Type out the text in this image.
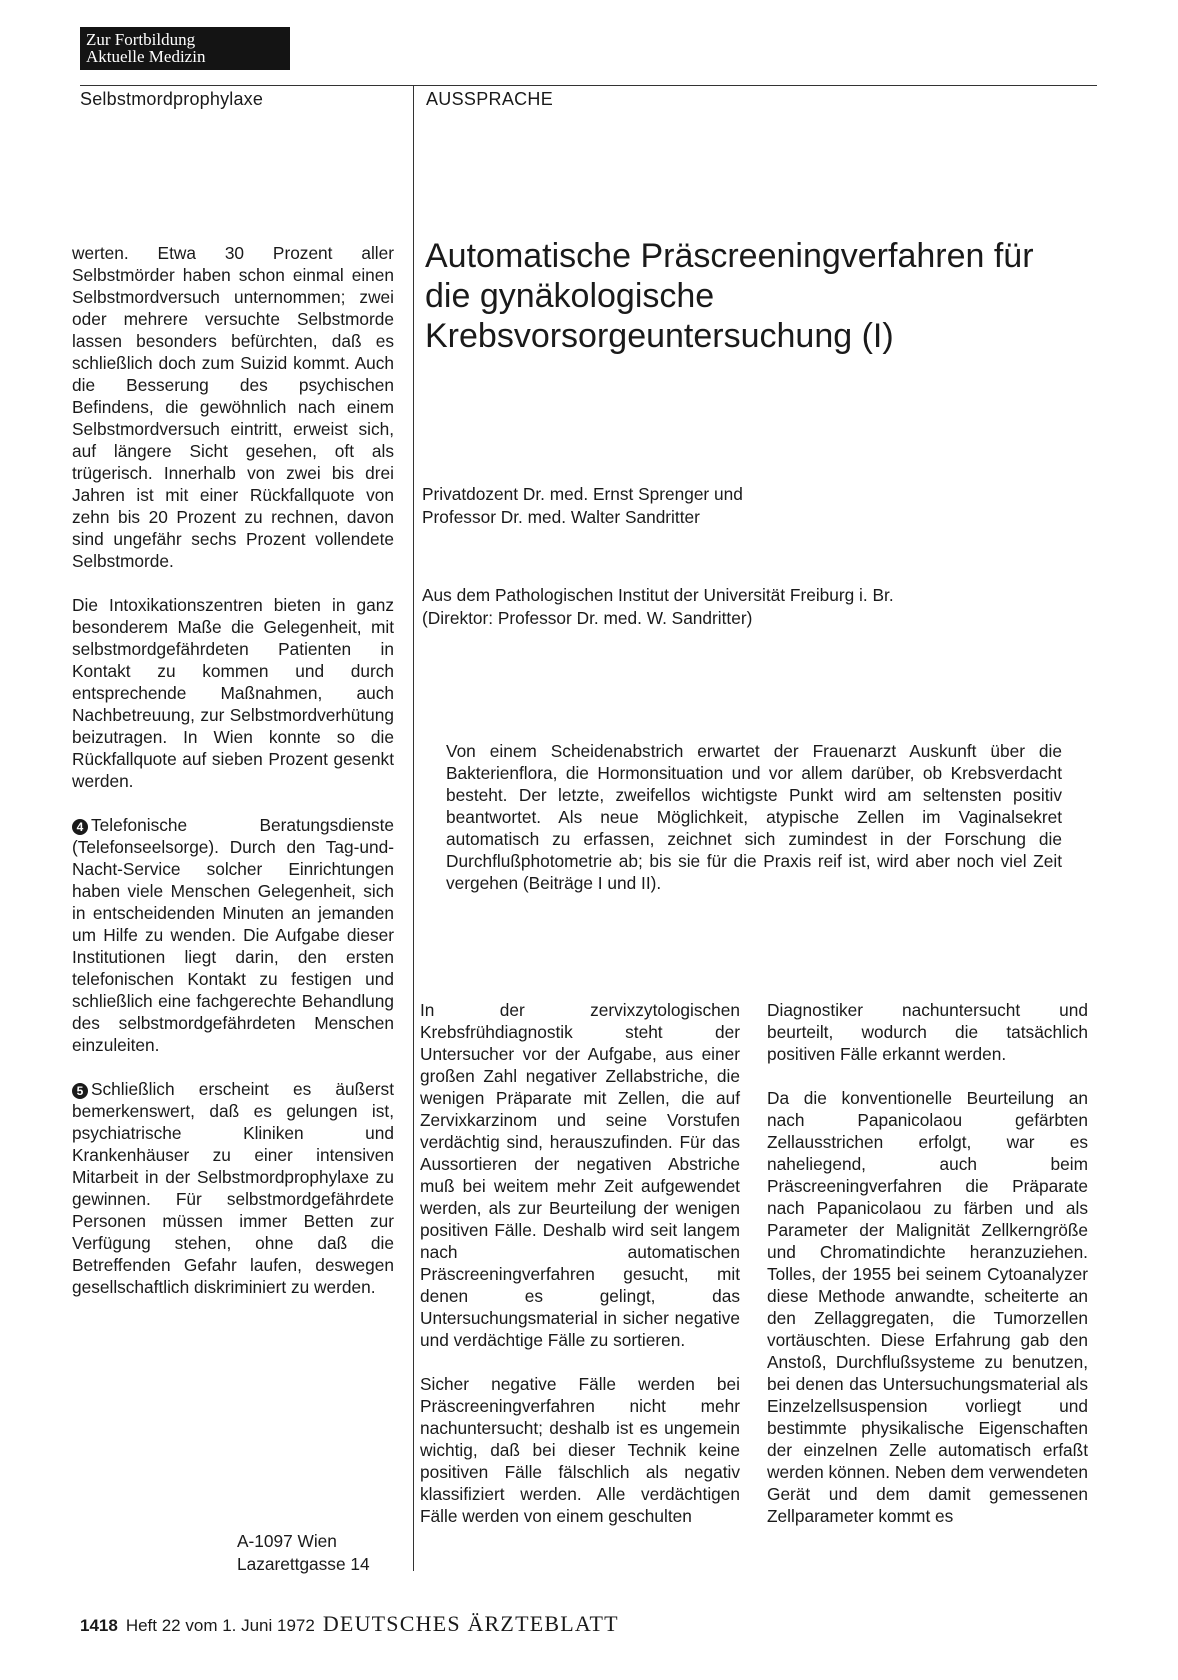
Zur Fortbildung
Aktuelle Medizin
Selbstmordprophylaxe	AUSSPRACHE

werten. Etwa 30 Prozent aller Selbstmörder haben schon einmal einen Selbstmordversuch unternommen; zwei oder mehrere versuchte Selbstmorde lassen besonders befürchten, daß es schließlich doch zum Suizid kommt. Auch die Besserung des psychischen Befindens, die gewöhnlich nach einem Selbstmordversuch eintritt, erweist sich, auf längere Sicht gesehen, oft als trügerisch. Innerhalb von zwei bis drei Jahren ist mit einer Rückfallquote von zehn bis 20 Prozent zu rechnen, davon sind ungefähr sechs Prozent vollendete Selbstmorde.

Die Intoxikationszentren bieten in ganz besonderem Maße die Gelegenheit, mit selbstmordgefährdeten Patienten in Kontakt zu kommen und durch entsprechende Maßnahmen, auch Nachbetreuung, zur Selbstmordverhütung beizutragen. In Wien konnte so die Rückfallquote auf sieben Prozent gesenkt werden.

4 Telefonische Beratungsdienste (Telefonseelsorge). Durch den Tag-und-Nacht-Service solcher Einrichtungen haben viele Menschen Gelegenheit, sich in entscheidenden Minuten an jemanden um Hilfe zu wenden. Die Aufgabe dieser Institutionen liegt darin, den ersten telefonischen Kontakt zu festigen und schließlich eine fachgerechte Behandlung des selbstmordgefährdeten Menschen einzuleiten.

5 Schließlich erscheint es äußerst bemerkenswert, daß es gelungen ist, psychiatrische Kliniken und Krankenhäuser zu einer intensiven Mitarbeit in der Selbstmordprophylaxe zu gewinnen. Für selbstmordgefährdete Personen müssen immer Betten zur Verfügung stehen, ohne daß die Betreffenden Gefahr laufen, deswegen gesellschaftlich diskriminiert zu werden.

A-1097 Wien
Lazarettgasse 14
Automatische Präscreeningverfahren für die gynäkologische Krebsvorsorgeuntersuchung (I)
Privatdozent Dr. med. Ernst Sprenger und
Professor Dr. med. Walter Sandritter
Aus dem Pathologischen Institut der Universität Freiburg i. Br.
(Direktor: Professor Dr. med. W. Sandritter)
Von einem Scheidenabstrich erwartet der Frauenarzt Auskunft über die Bakterienflora, die Hormonsituation und vor allem darüber, ob Krebsverdacht besteht. Der letzte, zweifellos wichtigste Punkt wird am seltensten positiv beantwortet. Als neue Möglichkeit, atypische Zellen im Vaginalsekret automatisch zu erfassen, zeichnet sich zumindest in der Forschung die Durchflußphotometrie ab; bis sie für die Praxis reif ist, wird aber noch viel Zeit vergehen (Beiträge I und II).

In der zervixzytologischen Krebsfrühdiagnostik steht der Untersucher vor der Aufgabe, aus einer großen Zahl negativer Zellabstriche, die wenigen Präparate mit Zellen, die auf Zervixkarzinom und seine Vorstufen verdächtig sind, herauszufinden. Für das Aussortieren der negativen Abstriche muß bei weitem mehr Zeit aufgewendet werden, als zur Beurteilung der wenigen positiven Fälle. Deshalb wird seit langem nach automatischen Präscreeningverfahren gesucht, mit denen es gelingt, das Untersuchungsmaterial in sicher negative und verdächtige Fälle zu sortieren.

Sicher negative Fälle werden bei Präscreeningverfahren nicht mehr nachuntersucht; deshalb ist es ungemein wichtig, daß bei dieser Technik keine positiven Fälle fälschlich als negativ klassifiziert werden. Alle verdächtigen Fälle werden von einem geschulten

Diagnostiker nachuntersucht und beurteilt, wodurch die tatsächlich positiven Fälle erkannt werden.

Da die konventionelle Beurteilung an nach Papanicolaou gefärbten Zellausstrichen erfolgt, war es naheliegend, auch beim Präscreeningverfahren die Präparate nach Papanicolaou zu färben und als Parameter der Malignität Zellkerngröße und Chromatindichte heranzuziehen. Tolles, der 1955 bei seinem Cytoanalyzer diese Methode anwandte, scheiterte an den Zellaggregaten, die Tumorzellen vortäuschten. Diese Erfahrung gab den Anstoß, Durchflußsysteme zu benutzen, bei denen das Untersuchungsmaterial als Einzelzellsuspension vorliegt und bestimmte physikalische Eigenschaften der einzelnen Zelle automatisch erfaßt werden können. Neben dem verwendeten Gerät und dem damit gemessenen Zellparameter kommt es

1418 Heft 22 vom 1. Juni 1972 DEUTSCHES ÄRZTEBLATT
